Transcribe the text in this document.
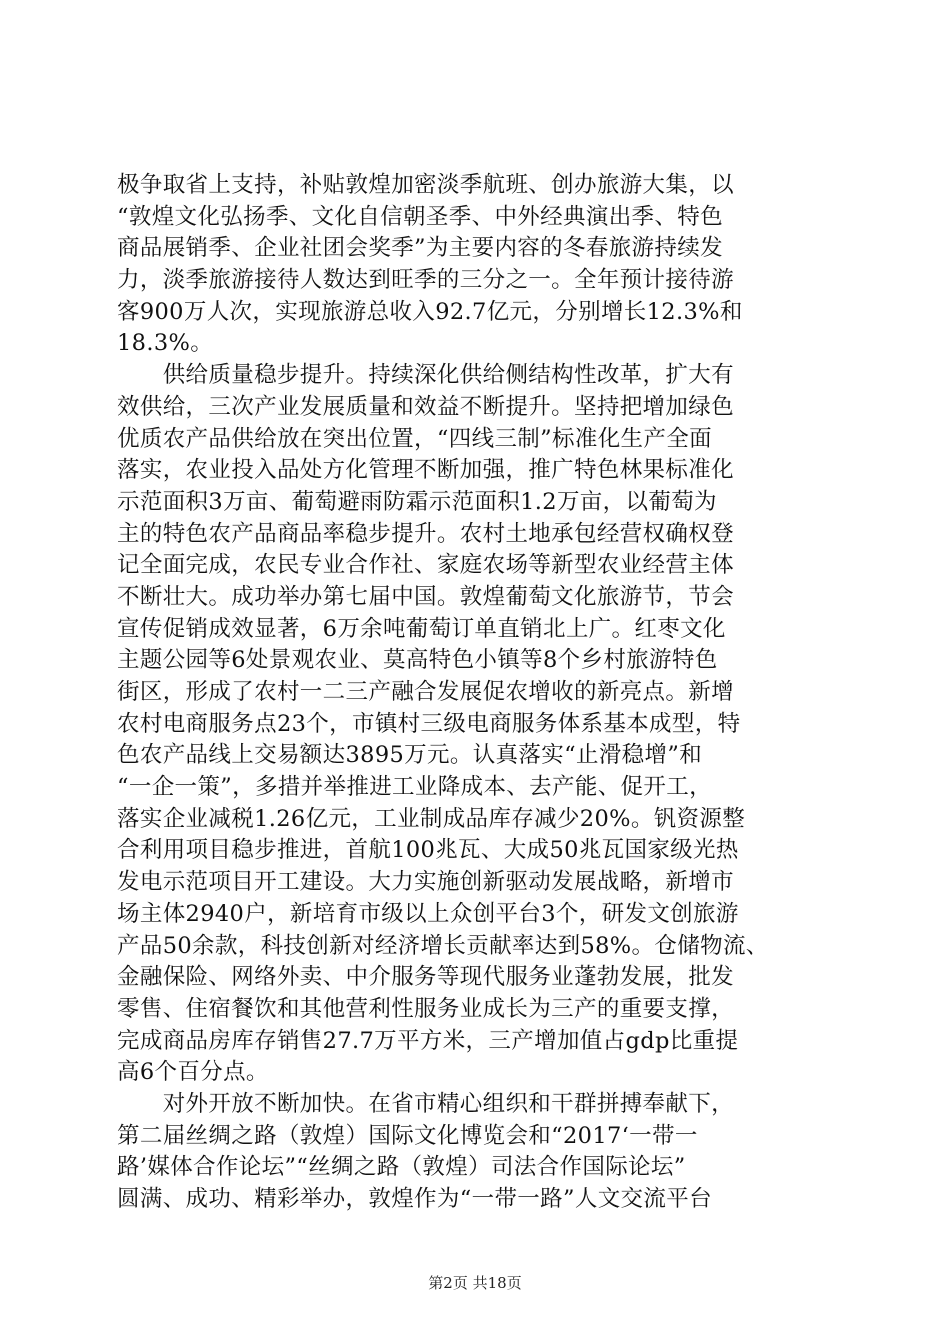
极争取省上支持，补贴敦煌加密淡季航班、创办旅游大集，以
“敦煌文化弘扬季、文化自信朝圣季、中外经典演出季、特色
商品展销季、企业社团会奖季”为主要内容的冬春旅游持续发
力，淡季旅游接待人数达到旺季的三分之一。全年预计接待游
客900万人次，实现旅游总收入92.7亿元，分别增长12.3%和
18.3%。
　　供给质量稳步提升。持续深化供给侧结构性改革，扩大有
效供给，三次产业发展质量和效益不断提升。坚持把增加绿色
优质农产品供给放在突出位置，“四线三制”标准化生产全面
落实，农业投入品处方化管理不断加强，推广特色林果标准化
示范面积3万亩、葡萄避雨防霜示范面积1.2万亩，以葡萄为
主的特色农产品商品率稳步提升。农村土地承包经营权确权登
记全面完成，农民专业合作社、家庭农场等新型农业经营主体
不断壮大。成功举办第七届中国。敦煌葡萄文化旅游节，节会
宣传促销成效显著，6万余吨葡萄订单直销北上广。红枣文化
主题公园等6处景观农业、莫高特色小镇等8个乡村旅游特色
街区，形成了农村一二三产融合发展促农增收的新亮点。新增
农村电商服务点23个，市镇村三级电商服务体系基本成型，特
色农产品线上交易额达3895万元。认真落实“止滑稳增”和
“一企一策”，多措并举推进工业降成本、去产能、促开工，
落实企业减税1.26亿元，工业制成品库存减少20%。钒资源整
合利用项目稳步推进，首航100兆瓦、大成50兆瓦国家级光热
发电示范项目开工建设。大力实施创新驱动发展战略，新增市
场主体2940户，新培育市级以上众创平台3个，研发文创旅游
产品50余款，科技创新对经济增长贡献率达到58%。仓储物流、
金融保险、网络外卖、中介服务等现代服务业蓬勃发展，批发
零售、住宿餐饮和其他营利性服务业成长为三产的重要支撑，
完成商品房库存销售27.7万平方米，三产增加值占gdp比重提
高6个百分点。
　　对外开放不断加快。在省市精心组织和干群拼搏奉献下，
第二届丝绸之路（敦煌）国际文化博览会和“2017‘一带一
路’媒体合作论坛”“丝绸之路（敦煌）司法合作国际论坛”
圆满、成功、精彩举办，敦煌作为“一带一路”人文交流平台
第2页 共18页
